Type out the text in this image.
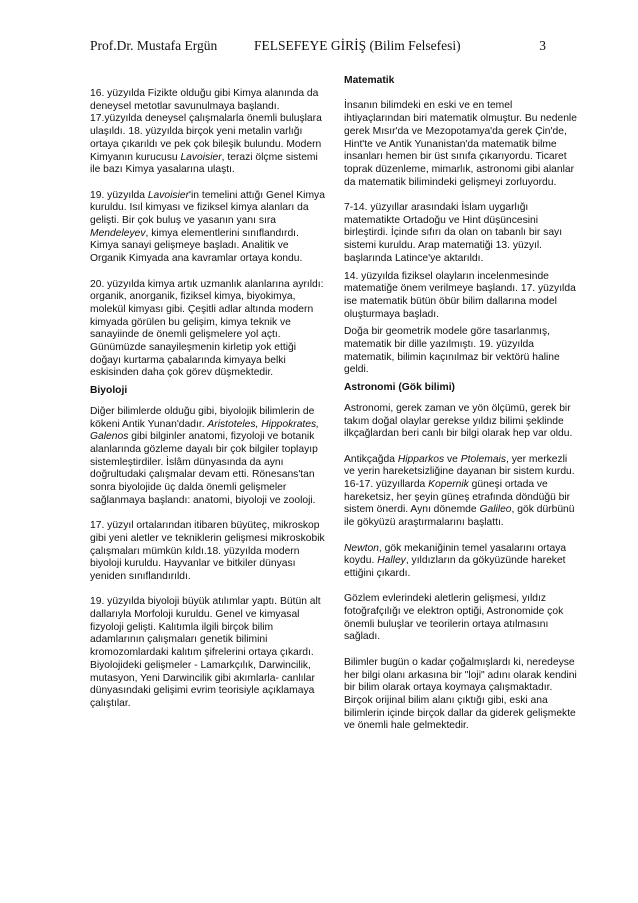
Prof.Dr. Mustafa Ergün	FELSEFEYE GİRİŞ (Bilim Felsefesi)	3

16. yüzyılda Fizikte olduğu gibi Kimya alanında da deneysel metotlar savunulmaya başlandı. 17.yüzyılda deneysel çalışmalarla önemli buluşlara ulaşıldı. 18. yüzyılda birçok yeni metalin varlığı ortaya çıkarıldı ve pek çok bileşik bulundu. Modern Kimyanın kurucusu Lavoisier, terazi ölçme sistemi ile bazı Kimya yasalarına ulaştı.

19. yüzyılda Lavoisier'in temelini attığı Genel Kimya kuruldu. Isıl kimyası ve fiziksel kimya alanları da gelişti. Bir çok buluş ve yasanın yanı sıra Mendeleyev, kimya elementlerini sınıflandırdı. Kimya sanayi gelişmeye başladı. Analitik ve Organik Kimyada ana kavramlar ortaya kondu.

20. yüzyılda kimya artık uzmanlık alanlarına ayrıldı: organik, anorganik, fiziksel kimya, biyokimya, molekül kimyası gibi. Çeşitli adlar altında modern kimyada görülen bu gelişim, kimya teknik ve sanayiinde de önemli gelişmelere yol açtı. Günümüzde sanayileşmenin kirletip yok ettiği doğayı kurtarma çabalarında kimyaya belki eskisinden daha çok görev düşmektedir.

Biyoloji

Diğer bilimlerde olduğu gibi, biyolojik bilimlerin de kökeni Antik Yunan'dadır. Aristoteles, Hippokrates, Galenos gibi bilginler anatomi, fizyoloji ve botanik alanlarında gözleme dayalı bir çok bilgiler toplayıp sistemleştirdiler. İslâm dünyasında da aynı doğrultudaki çalışmalar devam etti. Rönesans'tan sonra biyolojide üç dalda önemli gelişmeler sağlanmaya başlandı: anatomi, biyoloji ve zooloji.

17. yüzyıl ortalarından itibaren büyüteç, mikroskop gibi yeni aletler ve tekniklerin gelişmesi mikroskobik çalışmaları mümkün kıldı.18. yüzyılda modern biyoloji kuruldu. Hayvanlar ve bitkiler dünyası yeniden sınıflandırıldı.

19. yüzyılda biyoloji büyük atılımlar yaptı. Bütün alt dallarıyla Morfoloji kuruldu. Genel ve kimyasal fizyoloji gelişti. Kalıtımla ilgili birçok bilim adamlarının çalışmaları genetik bilimini kromozomlardaki kalıtım şifrelerini ortaya çıkardı. Biyolojideki gelişmeler - Lamarkçılık, Darwincilik, mutasyon, Yeni Darwincilik gibi akımlarla- canlılar dünyasındaki gelişimi evrim teorisiyle açıklamaya çalıştılar.

Matematik

İnsanın bilimdeki en eski ve en temel ihtiyaçlarından biri matematik olmuştur. Bu nedenle gerek Mısır'da ve Mezopotamya'da gerek Çin'de, Hint'te ve Antik Yunanistan'da matematik bilme insanları hemen bir üst sınıfa çıkarıyordu. Ticaret toprak düzenleme, mimarlık, astronomi gibi alanlar da matematik bilimindeki gelişmeyi zorluyordu.

7-14. yüzyıllar arasındaki İslam uygarlığı matematikte Ortadoğu ve Hint düşüncesini birleştirdi. İçinde sıfırı da olan on tabanlı bir sayı sistemi kuruldu. Arap matematiği 13. yüzyıl. başlarında Latince'ye aktarıldı.

14. yüzyılda fiziksel olayların incelenmesinde matematiğe önem verilmeye başlandı. 17. yüzyılda ise matematik bütün öbür bilim dallarına model oluşturmaya başladı.

Doğa bir geometrik modele göre tasarlanmış, matematik bir dille yazılmıştı. 19. yüzyılda matematik, bilimin kaçınılmaz bir vektörü haline geldi.

Astronomi (Gök bilimi)

Astronomi, gerek zaman ve yön ölçümü, gerek bir takım doğal olaylar gerekse yıldız bilimi şeklinde ilkçağlardan beri canlı bir bilgi olarak hep var oldu.

Antikçağda Hipparkos ve Ptolemais, yer merkezli ve yerin hareketsizliğine dayanan bir sistem kurdu. 16-17. yüzyıllarda Kopernik güneşi ortada ve hareketsiz, her şeyin güneş etrafında döndüğü bir sistem önerdi. Aynı dönemde Galileo, gök dürbünü ile gökyüzü araştırmalarını başlattı.

Newton, gök mekaniğinin temel yasalarını ortaya koydu. Halley, yıldızların da gökyüzünde hareket ettiğini çıkardı.

Gözlem evlerindeki aletlerin gelişmesi, yıldız fotoğrafçılığı ve elektron optiği, Astronomide çok önemli buluşlar ve teorilerin ortaya atılmasını sağladı.

Bilimler bugün o kadar çoğalmışlardı ki, neredeyse her bilgi olanı arkasına bir "loji" adını olarak kendini bir bilim olarak ortaya koymaya çalışmaktadır. Birçok orijinal bilim alanı çıktığı gibi, eski ana bilimlerin içinde birçok dallar da giderek gelişmekte ve önemli hale gelmektedir.
